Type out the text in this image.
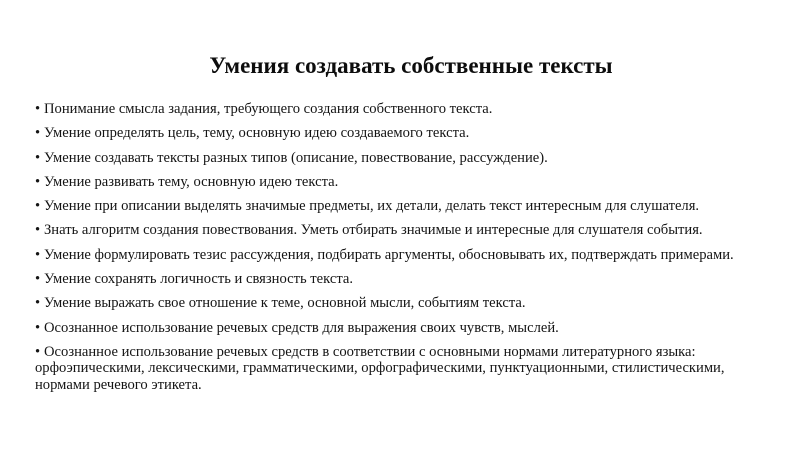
Умения создавать собственные тексты
• Понимание смысла задания, требующего создания собственного текста.
• Умение определять цель, тему, основную идею создаваемого текста.
• Умение создавать тексты разных типов (описание, повествование, рассуждение).
• Умение развивать тему, основную идею текста.
• Умение при описании выделять значимые предметы, их детали, делать текст интересным для слушателя.
• Знать алгоритм создания повествования. Уметь отбирать значимые и интересные для слушателя события.
• Умение формулировать тезис рассуждения, подбирать аргументы, обосновывать их, подтверждать примерами.
• Умение сохранять логичность и связность текста.
• Умение выражать свое отношение к теме, основной мысли, событиям текста.
• Осознанное использование речевых средств для выражения своих чувств, мыслей.
• Осознанное использование речевых средств в соответствии с основными нормами литературного языка:
орфоэпическими, лексическими, грамматическими, орфографическими, пунктуационными, стилистическими,
нормами речевого этикета.
